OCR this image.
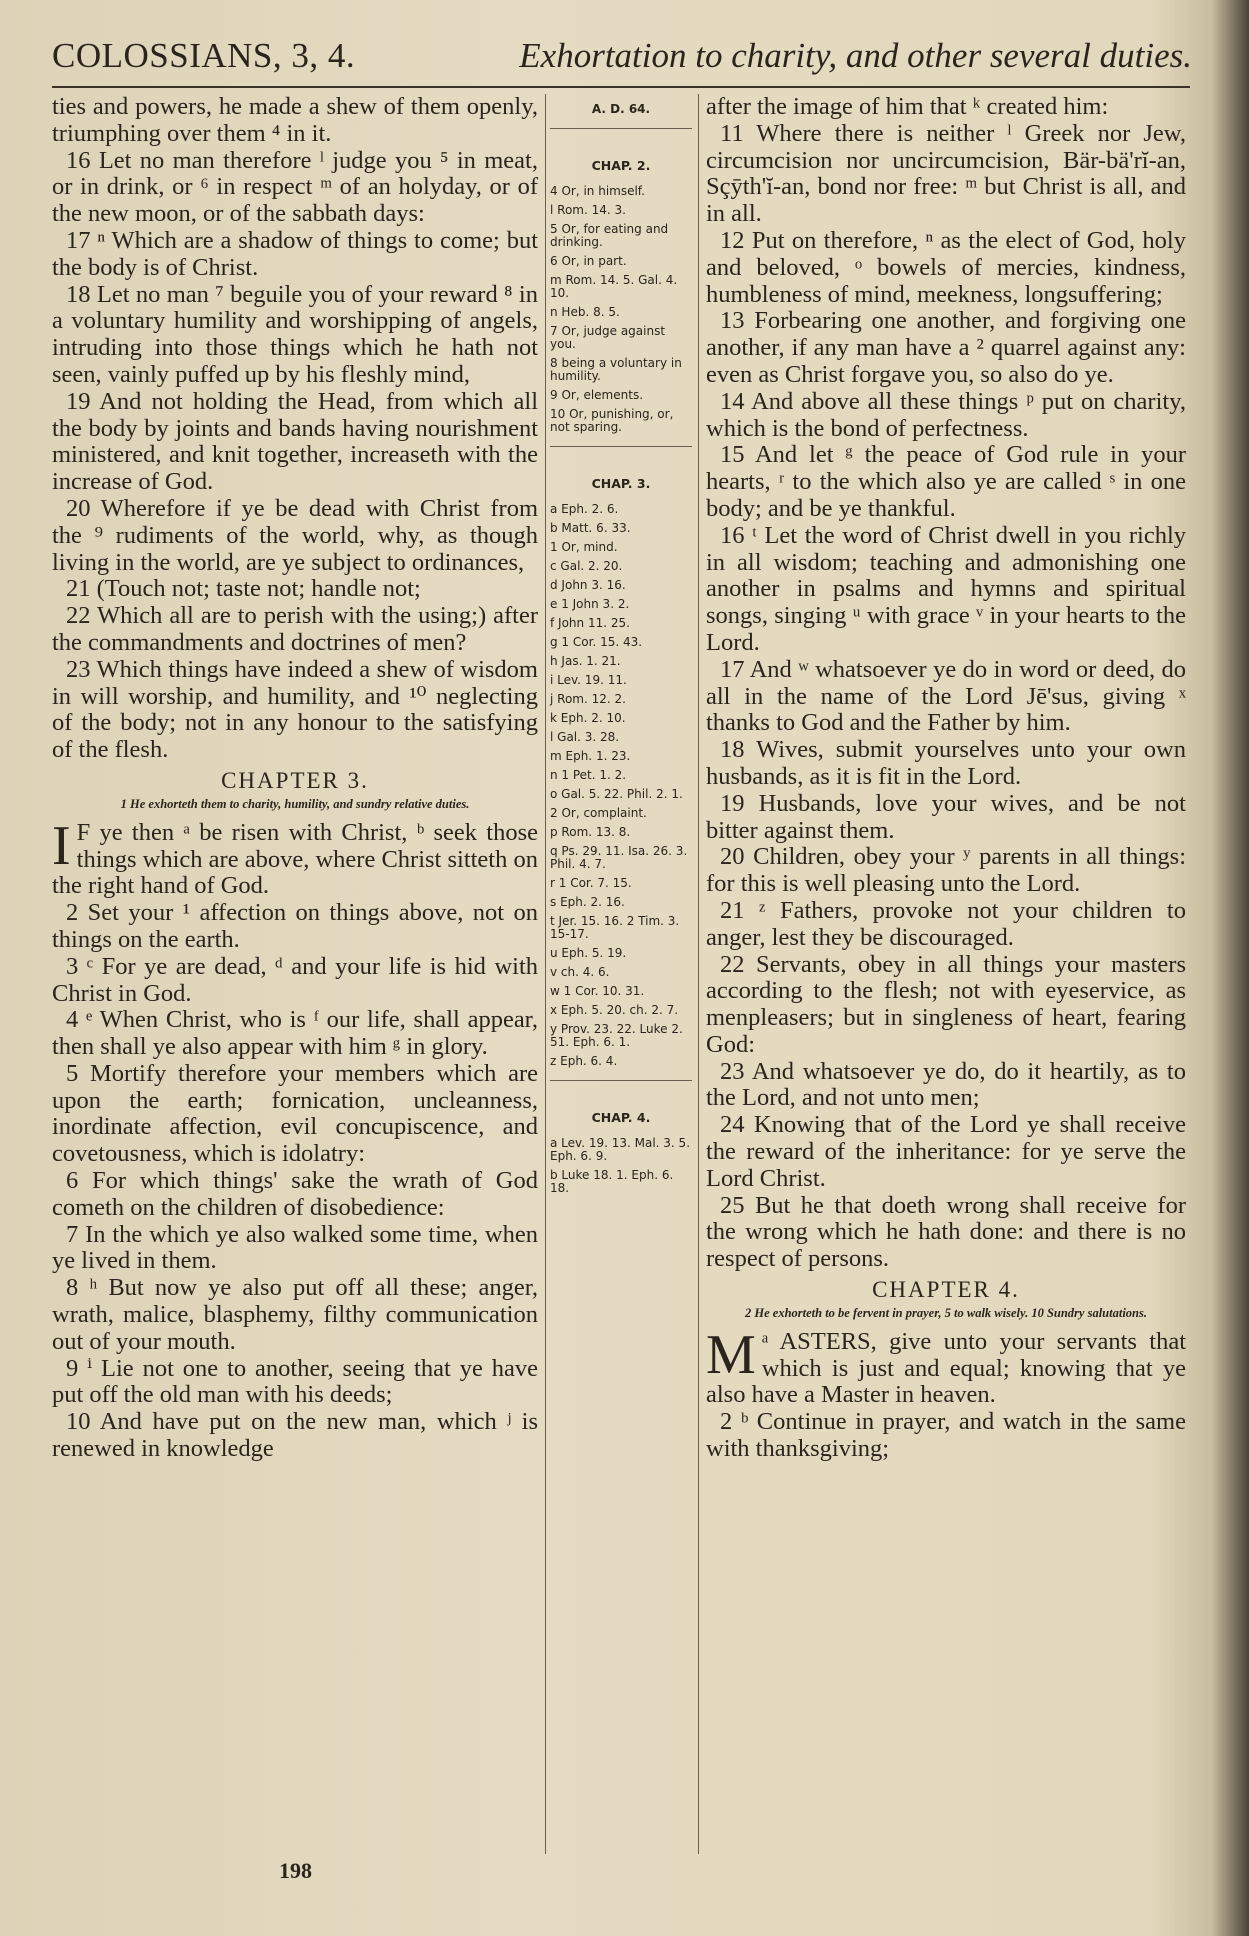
COLOSSIANS, 3, 4.	Exhortation to charity, and other several duties.

ties and powers, he made a shew of them openly, triumphing over them ⁴ in it.

16 Let no man therefore ˡ judge you ⁵ in meat, or in drink, or ⁶ in respect ᵐ of an holyday, or of the new moon, or of the sabbath days:

17 ⁿ Which are a shadow of things to come; but the body is of Christ.

18 Let no man ⁷ beguile you of your reward ⁸ in a voluntary humility and worshipping of angels, intruding into those things which he hath not seen, vainly puffed up by his fleshly mind,

19 And not holding the Head, from which all the body by joints and bands having nourishment ministered, and knit together, increaseth with the increase of God.

20 Wherefore if ye be dead with Christ from the ⁹ rudiments of the world, why, as though living in the world, are ye subject to ordinances,

21 (Touch not; taste not; handle not;

22 Which all are to perish with the using;) after the commandments and doctrines of men?

23 Which things have indeed a shew of wisdom in will worship, and humility, and ¹⁰ neglecting of the body; not in any honour to the satisfying of the flesh.

CHAPTER 3.
1 He exhorteth them to charity, humility, and sundry relative duties.

I F ye then ᵃ be risen with Christ, ᵇ seek those things which are above, where Christ sitteth on the right hand of God.

2 Set your ¹ affection on things above, not on things on the earth.

3 ᶜ For ye are dead, ᵈ and your life is hid with Christ in God.

4 ᵉ When Christ, who is ᶠ our life, shall appear, then shall ye also appear with him ᵍ in glory.

5 Mortify therefore your members which are upon the earth; fornication, uncleanness, inordinate affection, evil concupiscence, and covetousness, which is idolatry:

6 For which things' sake the wrath of God cometh on the children of disobedience:

7 In the which ye also walked some time, when ye lived in them.

8 ʰ But now ye also put off all these; anger, wrath, malice, blasphemy, filthy communication out of your mouth.

9 ⁱ Lie not one to another, seeing that ye have put off the old man with his deeds;

10 And have put on the new man, which ʲ is renewed in knowledge

A. D. 64.
CHAP. 2.
4 Or, in himself.
l Rom. 14. 3.
5 Or, for eating and drinking.
6 Or, in part.
m Rom. 14. 5. Gal. 4. 10.
n Heb. 8. 5.
7 Or, judge against you.
8 being a voluntary in humility.
9 Or, elements.
10 Or, punishing, or, not sparing.
CHAP. 3.
a Eph. 2. 6.
b Matt. 6. 33.
1 Or, mind.
c Gal. 2. 20.
d John 3. 16.
e 1 John 3. 2.
f John 11. 25.
g 1 Cor. 15. 43.
h Jas. 1. 21.
i Lev. 19. 11.
j Rom. 12. 2.
k Eph. 2. 10.
l Gal. 3. 28.
m Eph. 1. 23.
n 1 Pet. 1. 2.
o Gal. 5. 22. Phil. 2. 1.
2 Or, complaint.
p Rom. 13. 8.
q Ps. 29. 11. Isa. 26. 3. Phil. 4. 7.
r 1 Cor. 7. 15.
s Eph. 2. 16.
t Jer. 15. 16. 2 Tim. 3. 15-17.
u Eph. 5. 19.
v ch. 4. 6.
w 1 Cor. 10. 31.
x Eph. 5. 20. ch. 2. 7.
y Prov. 23. 22. Luke 2. 51. Eph. 6. 1.
z Eph. 6. 4.
CHAP. 4.
a Lev. 19. 13. Mal. 3. 5. Eph. 6. 9.
b Luke 18. 1. Eph. 6. 18.

after the image of him that ᵏ created him:

11 Where there is neither ˡ Greek nor Jew, circumcision nor uncircumcision, Bär-bä'rĭ-an, Sçȳth'ĭ-an, bond nor free: ᵐ but Christ is all, and in all.

12 Put on therefore, ⁿ as the elect of God, holy and beloved, ᵒ bowels of mercies, kindness, humbleness of mind, meekness, longsuffering;

13 Forbearing one another, and forgiving one another, if any man have a ² quarrel against any: even as Christ forgave you, so also do ye.

14 And above all these things ᵖ put on charity, which is the bond of perfectness.

15 And let ᵍ the peace of God rule in your hearts, ʳ to the which also ye are called ˢ in one body; and be ye thankful.

16 ᵗ Let the word of Christ dwell in you richly in all wisdom; teaching and admonishing one another in psalms and hymns and spiritual songs, singing ᵘ with grace ᵛ in your hearts to the Lord.

17 And ʷ whatsoever ye do in word or deed, do all in the name of the Lord Jē'sus, giving ˣ thanks to God and the Father by him.

18 Wives, submit yourselves unto your own husbands, as it is fit in the Lord.

19 Husbands, love your wives, and be not bitter against them.

20 Children, obey your ʸ parents in all things: for this is well pleasing unto the Lord.

21 ᶻ Fathers, provoke not your children to anger, lest they be discouraged.

22 Servants, obey in all things your masters according to the flesh; not with eyeservice, as menpleasers; but in singleness of heart, fearing God:

23 And whatsoever ye do, do it heartily, as to the Lord, and not unto men;

24 Knowing that of the Lord ye shall receive the reward of the inheritance: for ye serve the Lord Christ.

25 But he that doeth wrong shall receive for the wrong which he hath done: and there is no respect of persons.

CHAPTER 4.
2 He exhorteth to be fervent in prayer, 5 to walk wisely. 10 Sundry salutations.

M ᵃ ASTERS, give unto your servants that which is just and equal; knowing that ye also have a Master in heaven.

2 ᵇ Continue in prayer, and watch in the same with thanksgiving;

198
